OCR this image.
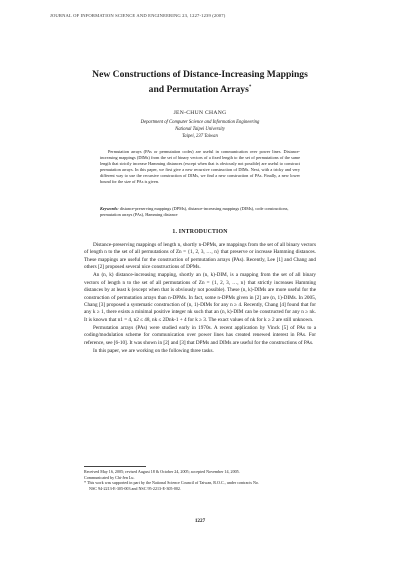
JOURNAL OF INFORMATION SCIENCE AND ENGINEERING 23, 1227-1239 (2007)
New Constructions of Distance-Increasing Mappings
and Permutation Arrays*
JEN-CHUN CHANG
Department of Computer Science and Information Engineering
National Taipei University
Taipei, 237 Taiwan

Permutation arrays (PAs or permutation codes) are useful in communication over power lines. Distance-increasing mappings (DIMs) from the set of binary vectors of a fixed length to the set of permutations of the same length that strictly increase Hamming distances (except when that is obviously not possible) are useful to construct permutation arrays. In this paper, we first give a new recursive construction of DIMs. Next, with a tricky and very different way to use the recursive construction of DIMs, we find a new construction of PAs. Finally, a new lower bound for the size of PAs is given.

Keywords: distance-preserving mappings (DPMs), distance-increasing mappings (DIMs), code constructions, permutation arrays (PAs), Hamming distance
1. INTRODUCTION

Distance-preserving mappings of length n, shortly n-DPMs, are mappings from the set of all binary vectors of length n to the set of all permutations of Zn = {1, 2, 3, …, n} that preserve or increase Hamming distances. These mappings are useful for the construction of permutation arrays (PAs). Recently, Lee [1] and Chang and others [2] proposed several nice constructions of DPMs.

An (n, k) distance-increasing mapping, shortly an (n, k)-DIM, is a mapping from the set of all binary vectors of length n to the set of all permutations of Zn = {1, 2, 3, …, n} that strictly increases Hamming distances by at least k (except when that is obviously not possible). These (n, k)-DIMs are more useful for the construction of permutation arrays than n-DPMs. In fact, some n-DPMs given in [2] are (n, 1)-DIMs. In 2005, Chang [3] proposed a systematic construction of (n, 1)-DIMs for any n ≥ 4. Recently, Chang [4] found that for any k ≥ 1, there exists a minimal positive integer nk such that an (n, k)-DIM can be constructed for any n ≥ nk. It is known that n1 = 4, n2 ≤ 48, nk ≤ 2Dnk-1 + 4 for k ≥ 3. The exact values of nk for k ≥ 2 are still unknown.

Permutation arrays (PAs) were studied early in 1970s. A recent application by Vinck [5] of PAs to a coding/modulation scheme for communication over power lines has created renewed interest in PAs. For reference, see [6-10]. It was shown in [2] and [3] that DPMs and DIMs are useful for the constructions of PAs.

In this paper, we are working on the following three tasks.

Received May 16, 2005; revised August 18 & October 24, 2005; accepted November 14, 2005.

Communicated by Chi-Jen Lu.

* This work was supported in part by the National Science Council of Taiwan, R.O.C., under contracts No.

NSC 94-2213-E-305-003 and NSC 95-2213-E-305-002.

1227
